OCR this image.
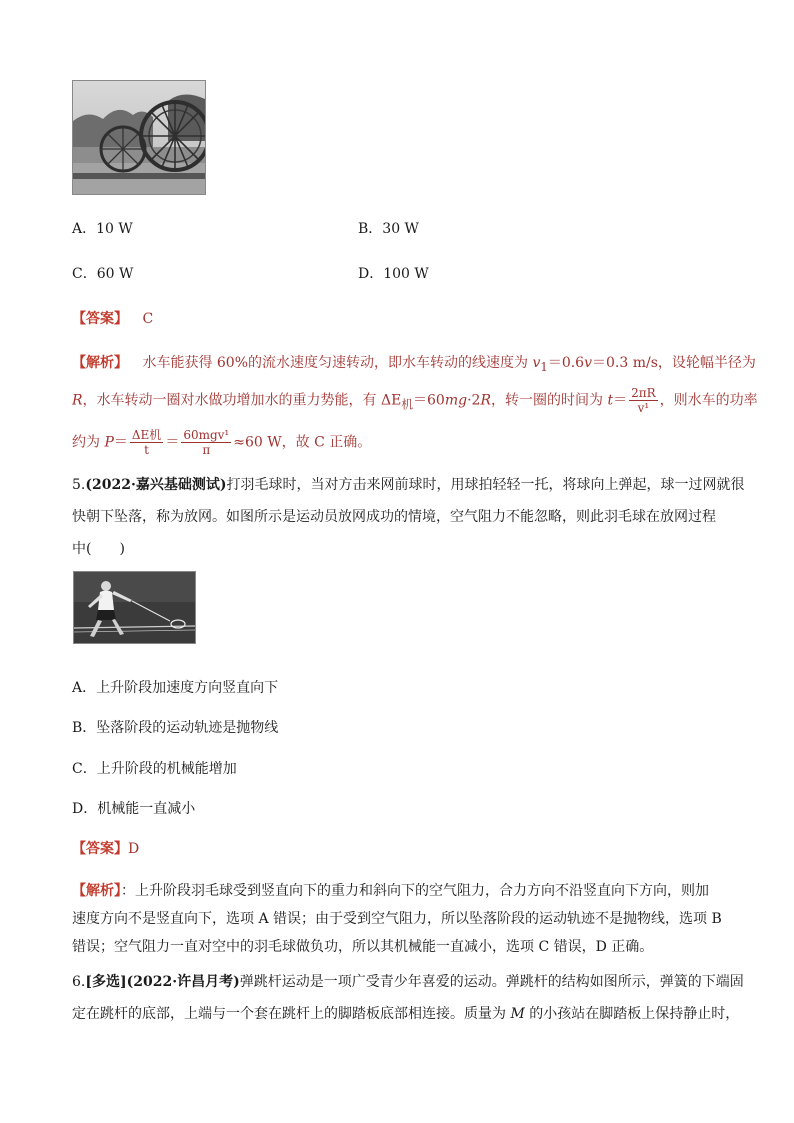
A．10 W	B．30 W
C．60 W	D．100 W
【答案】 C
【解析】 水车能获得 60%的流水速度匀速转动，即水车转动的线速度为 $v_1=0.6v=0.3$ m/s，设轮幅半径为
R，水车转动一圈对水做功增加水的重力势能，有 $\Delta E_机=60mg\cdot 2R$，转一圈的时间为 $t= \frac{2\pi R}{\text{v¹}}$ ，则水车的功率
约为 $P= \frac{\text{ΔE机}}{t} = \frac{\text{60mgv¹}}{\pi} \approx 60$ W，故 C 正确。
5.(2022·嘉兴基础测试)打羽毛球时，当对方击来网前球时，用球拍轻轻一托，将球向上弹起，球一过网就很
快朝下坠落，称为放网。如图所示是运动员放网成功的情境，空气阻力不能忽略，则此羽毛球在放网过程
中(　　)
A．上升阶段加速度方向竖直向下
B．坠落阶段的运动轨迹是抛物线
C．上升阶段的机械能增加
D．机械能一直减小
【答案】D
【解析】：上升阶段羽毛球受到竖直向下的重力和斜向下的空气阻力，合力方向不沿竖直向下方向，则加
速度方向不是竖直向下，选项 A 错误；由于受到空气阻力，所以坠落阶段的运动轨迹不是抛物线，选项 B
错误；空气阻力一直对空中的羽毛球做负功，所以其机械能一直减小，选项 C 错误，D 正确。
6.[多选](2022·许昌月考)弹跳杆运动是一项广受青少年喜爱的运动。弹跳杆的结构如图所示，弹簧的下端固
定在跳杆的底部，上端与一个套在跳杆上的脚踏板底部相连接。质量为 M 的小孩站在脚踏板上保持静止时，
